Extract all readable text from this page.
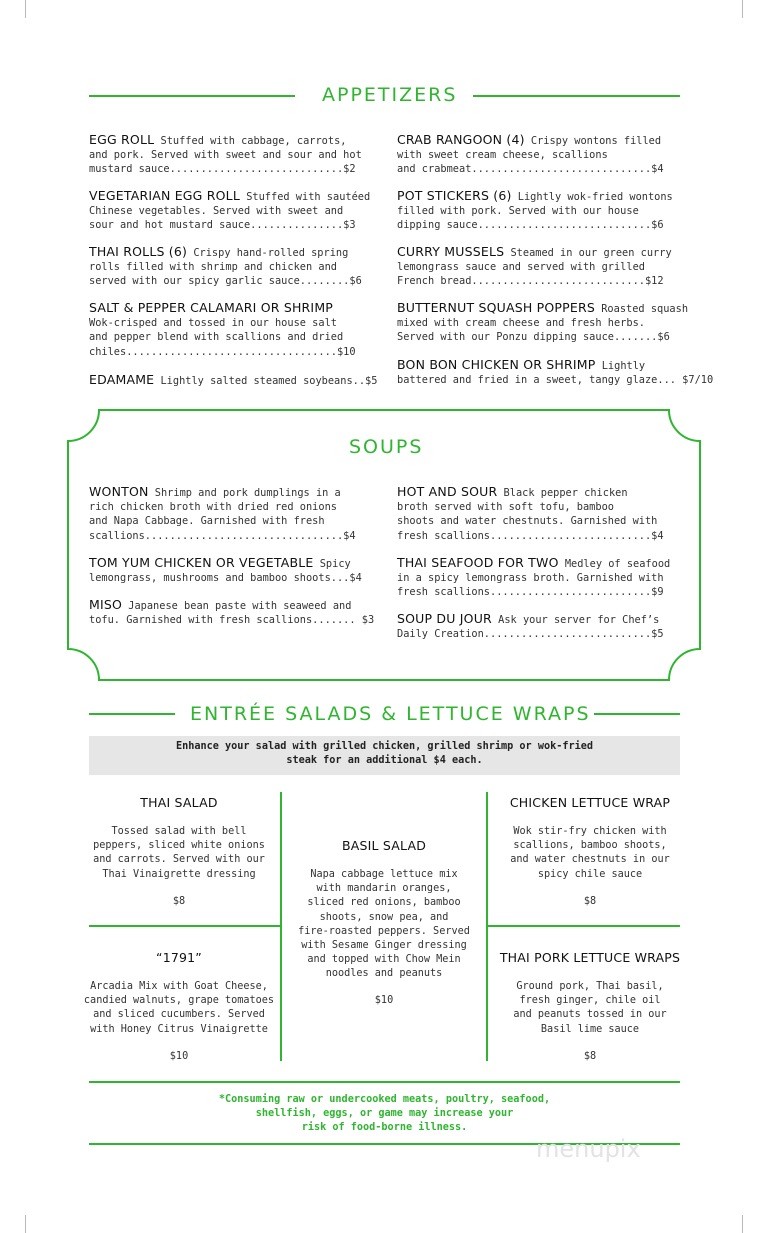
APPETIZERS
EGG ROLL Stuffed with cabbage, carrots,
and pork. Served with sweet and sour and hot
mustard sauce............................$2
VEGETARIAN EGG ROLL Stuffed with sautéed
Chinese vegetables. Served with sweet and
sour and hot mustard sauce...............$3
THAI ROLLS (6) Crispy hand-rolled spring
rolls filled with shrimp and chicken and
served with our spicy garlic sauce........$6
SALT & PEPPER CALAMARI OR SHRIMP
Wok-crisped and tossed in our house salt
and pepper blend with scallions and dried
chiles..................................$10
EDAMAME Lightly salted steamed soybeans..$5
CRAB RANGOON (4) Crispy wontons filled
with sweet cream cheese, scallions
and crabmeat.............................$4
POT STICKERS (6) Lightly wok-fried wontons
filled with pork. Served with our house
dipping sauce............................$6
CURRY MUSSELS Steamed in our green curry
lemongrass sauce and served with grilled
French bread............................$12
BUTTERNUT SQUASH POPPERS Roasted squash
mixed with cream cheese and fresh herbs.
Served with our Ponzu dipping sauce.......$6
BON BON CHICKEN OR SHRIMP Lightly
battered and fried in a sweet, tangy glaze... $7/10
SOUPS
WONTON Shrimp and pork dumplings in a
rich chicken broth with dried red onions
and Napa Cabbage. Garnished with fresh
scallions................................$4
TOM YUM CHICKEN OR VEGETABLE Spicy
lemongrass, mushrooms and bamboo shoots...$4
MISO Japanese bean paste with seaweed and
tofu. Garnished with fresh scallions....... $3
HOT AND SOUR Black pepper chicken
broth served with soft tofu, bamboo
shoots and water chestnuts. Garnished with
fresh scallions..........................$4
THAI SEAFOOD FOR TWO Medley of seafood
in a spicy lemongrass broth. Garnished with
fresh scallions..........................$9
SOUP DU JOUR Ask your server for Chef’s
Daily Creation...........................$5
ENTRÉE SALADS & LETTUCE WRAPS
Enhance your salad with grilled chicken, grilled shrimp or wok-fried
steak for an additional $4 each.
THAI SALAD
Tossed salad with bell
peppers, sliced white onions
and carrots. Served with our
Thai Vinaigrette dressing
$8
“1791”
Arcadia Mix with Goat Cheese,
candied walnuts, grape tomatoes
and sliced cucumbers. Served
with Honey Citrus Vinaigrette
$10
BASIL SALAD
Napa cabbage lettuce mix
with mandarin oranges,
sliced red onions, bamboo
shoots, snow pea, and
fire-roasted peppers. Served
with Sesame Ginger dressing
and topped with Chow Mein
noodles and peanuts
$10
CHICKEN LETTUCE WRAP
Wok stir-fry chicken with
scallions, bamboo shoots,
and water chestnuts in our
spicy chile sauce
$8
THAI PORK LETTUCE WRAPS
Ground pork, Thai basil,
fresh ginger, chile oil
and peanuts tossed in our
Basil lime sauce
$8
*Consuming raw or undercooked meats, poultry, seafood,
shellfish, eggs, or game may increase your
risk of food-borne illness.
menupix
